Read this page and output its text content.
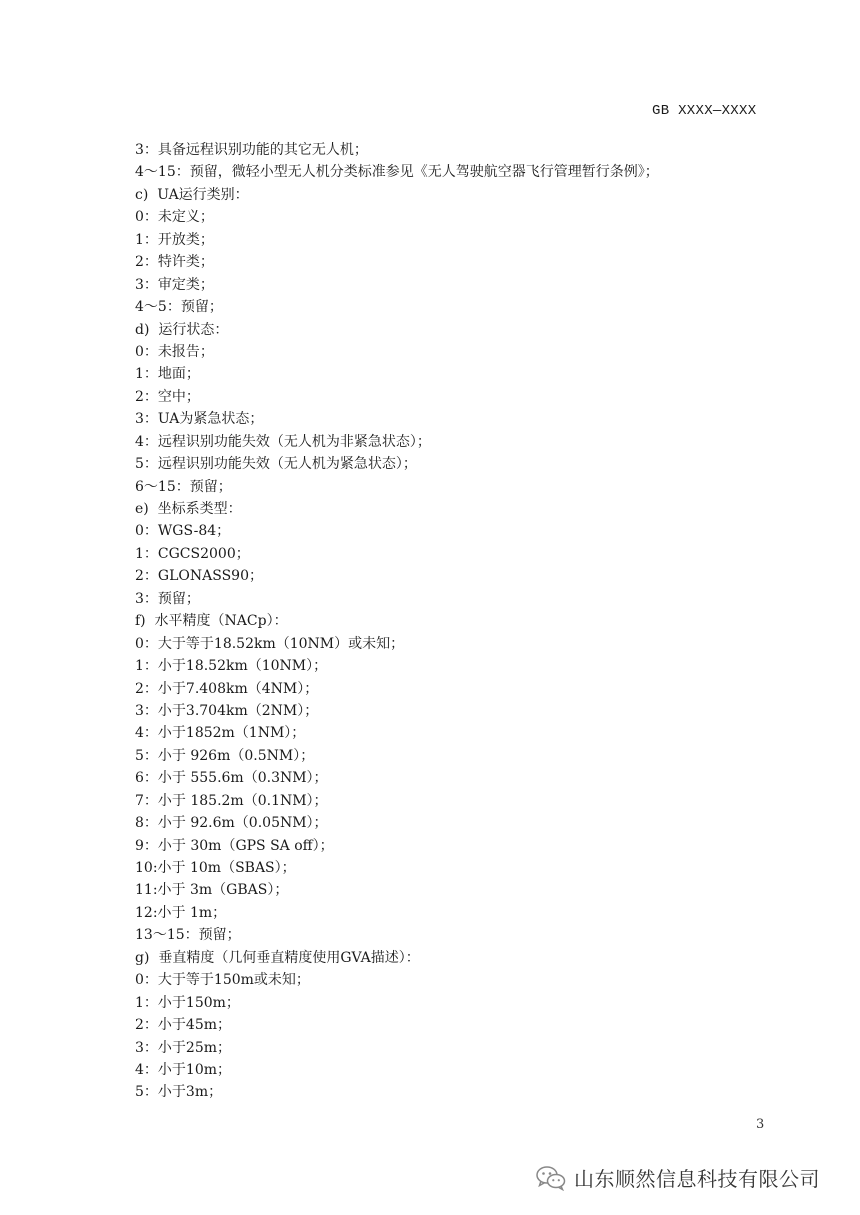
GB XXXX—XXXX
3：具备远程识别功能的其它无人机；
4～15：预留，微轻小型无人机分类标准参见《无人驾驶航空器飞行管理暂行条例》；
c)  UA运行类别：
0：未定义；
1：开放类；
2：特许类；
3：审定类；
4～5：预留；
d)  运行状态：
0：未报告；
1：地面；
2：空中；
3：UA为紧急状态；
4：远程识别功能失效（无人机为非紧急状态）；
5：远程识别功能失效（无人机为紧急状态）；
6～15：预留；
e)  坐标系类型：
0：WGS-84；
1：CGCS2000；
2：GLONASS90；
3：预留；
f)  水平精度（NACp）：
0：大于等于18.52km（10NM）或未知；
1：小于18.52km（10NM）；
2：小于7.408km（4NM）；
3：小于3.704km（2NM）；
4：小于1852m（1NM）；
5：小于 926m（0.5NM）；
6：小于 555.6m（0.3NM）；
7：小于 185.2m（0.1NM）；
8：小于 92.6m（0.05NM）；
9：小于 30m（GPS SA off）；
10:小于 10m（SBAS）；
11:小于 3m（GBAS）；
12:小于 1m；
13～15：预留；
g)  垂直精度（几何垂直精度使用GVA描述）：
0：大于等于150m或未知；
1：小于150m；
2：小于45m；
3：小于25m；
4：小于10m；
5：小于3m；
3
山东顺然信息科技有限公司
